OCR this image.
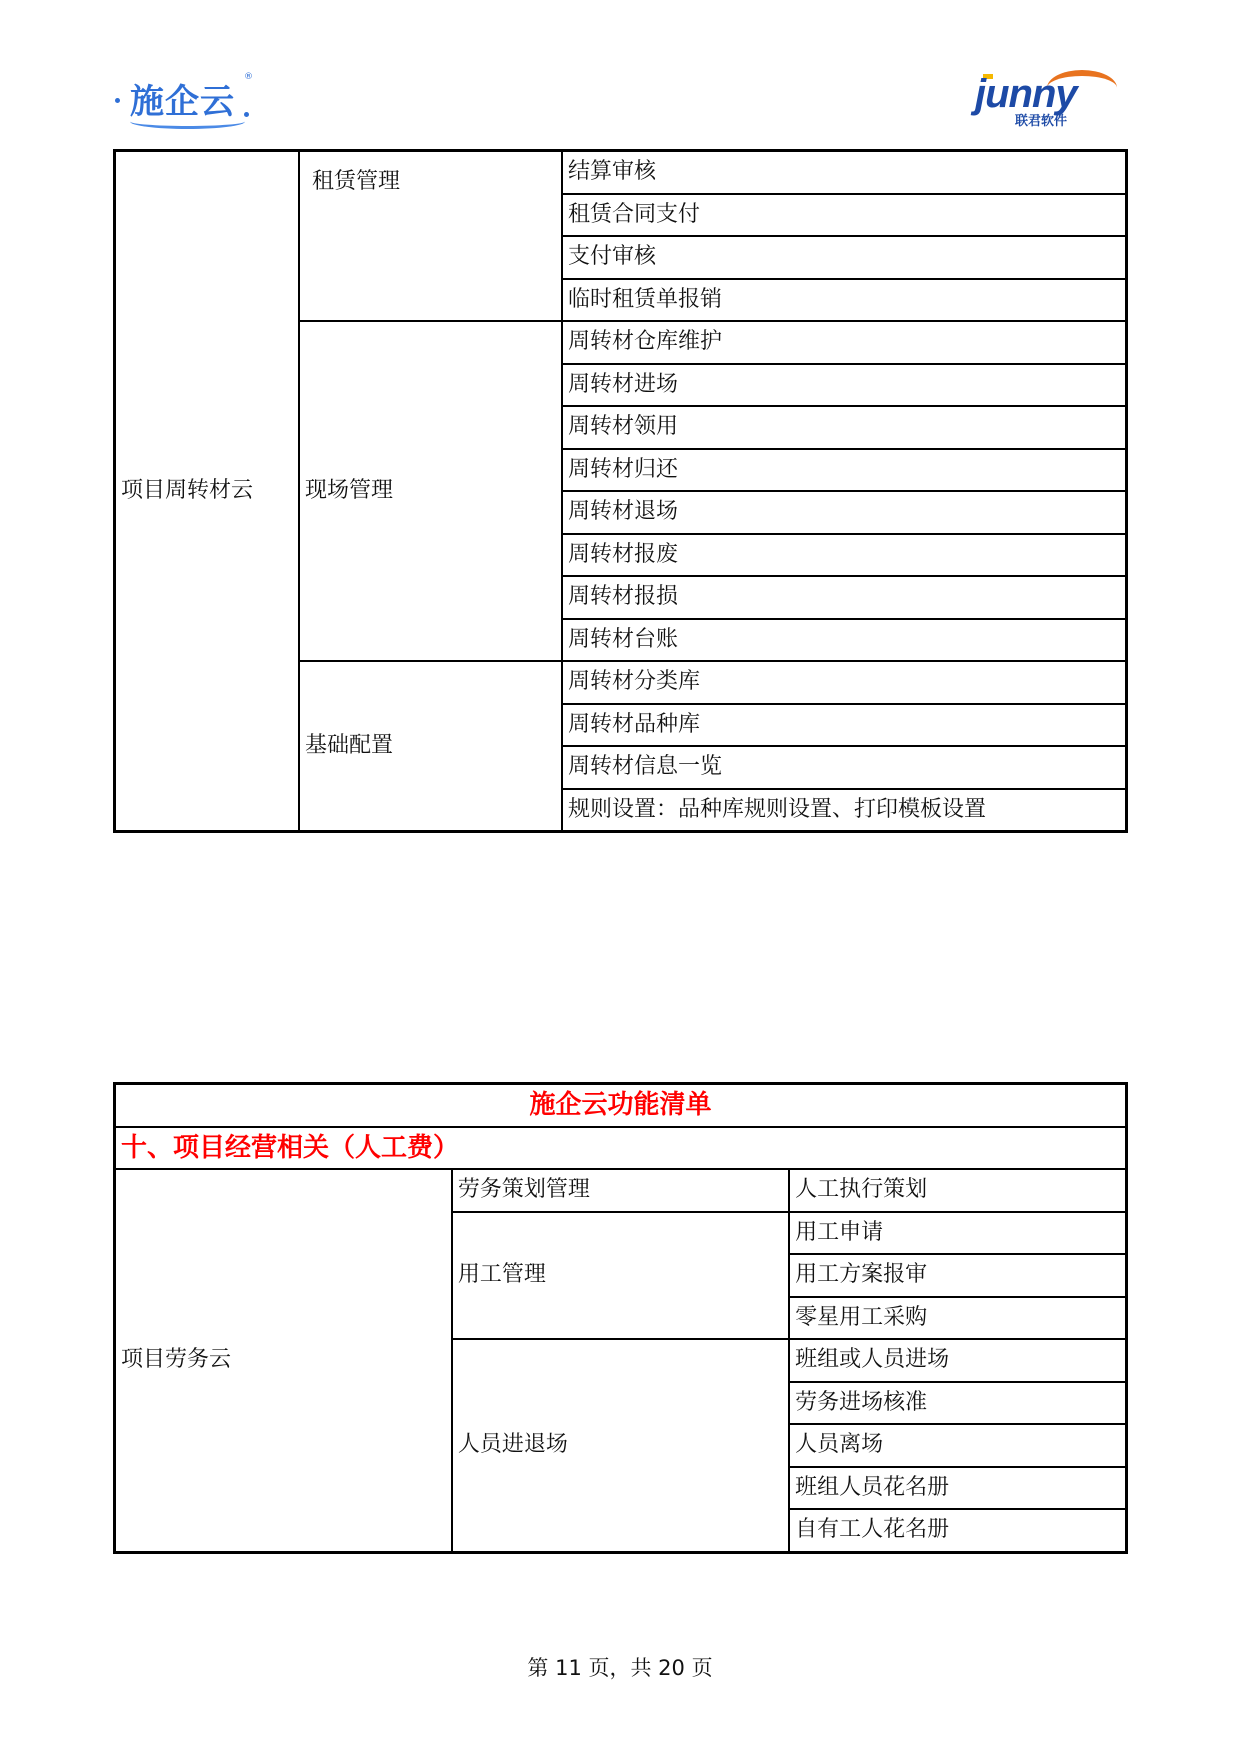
施企云
®	junny
联君软件
项目周转材云	租赁管理	结算审核
		租赁合同支付
		支付审核
		临时租赁单报销
	现场管理	周转材仓库维护
		周转材进场
		周转材领用
		周转材归还
		周转材退场
		周转材报废
		周转材报损
		周转材台账
	基础配置	周转材分类库
		周转材品种库
		周转材信息一览
		规则设置：品种库规则设置、打印模板设置
施企云功能清单		
十、项目经营相关（人工费）		
项目劳务云	劳务策划管理	人工执行策划
	用工管理	用工申请
		用工方案报审
		零星用工采购
	人员进退场	班组或人员进场
		劳务进场核准
		人员离场
		班组人员花名册
		自有工人花名册
第 11 页，共 20 页
